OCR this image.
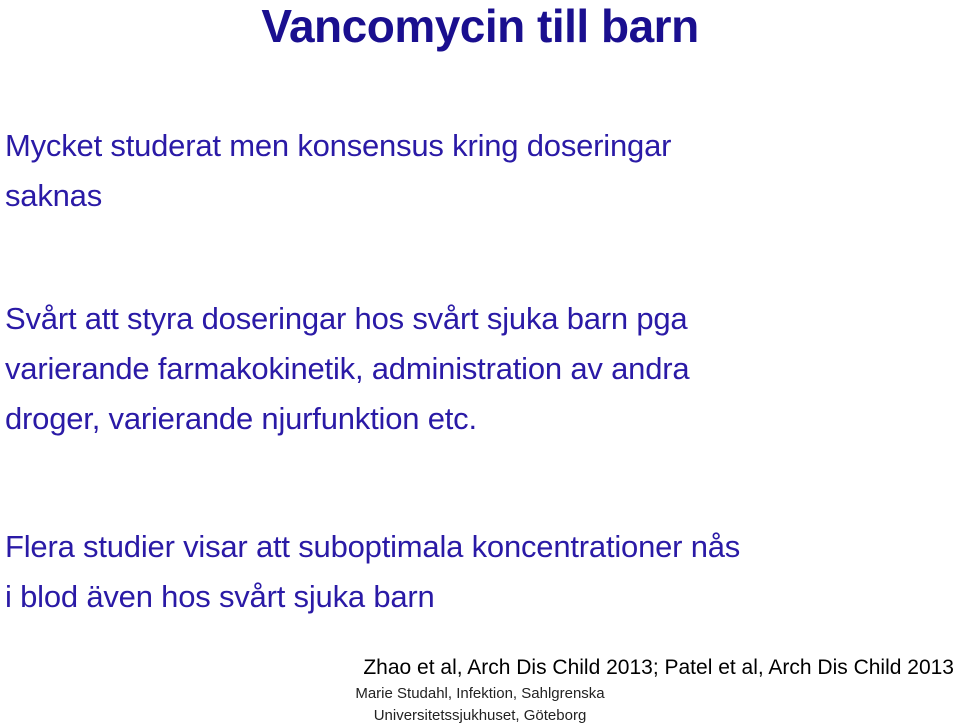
Vancomycin till barn

Mycket studerat men konsensus kring doseringar
saknas

Svårt att styra doseringar hos svårt sjuka barn pga
varierande farmakokinetik, administration av andra
droger, varierande njurfunktion etc.

Flera studier visar att suboptimala koncentrationer nås
i blod även hos svårt sjuka barn

Zhao et al, Arch Dis Child 2013; Patel et al, Arch Dis Child 2013

Marie Studahl, Infektion, Sahlgrenska

Universitetssjukhuset, Göteborg
